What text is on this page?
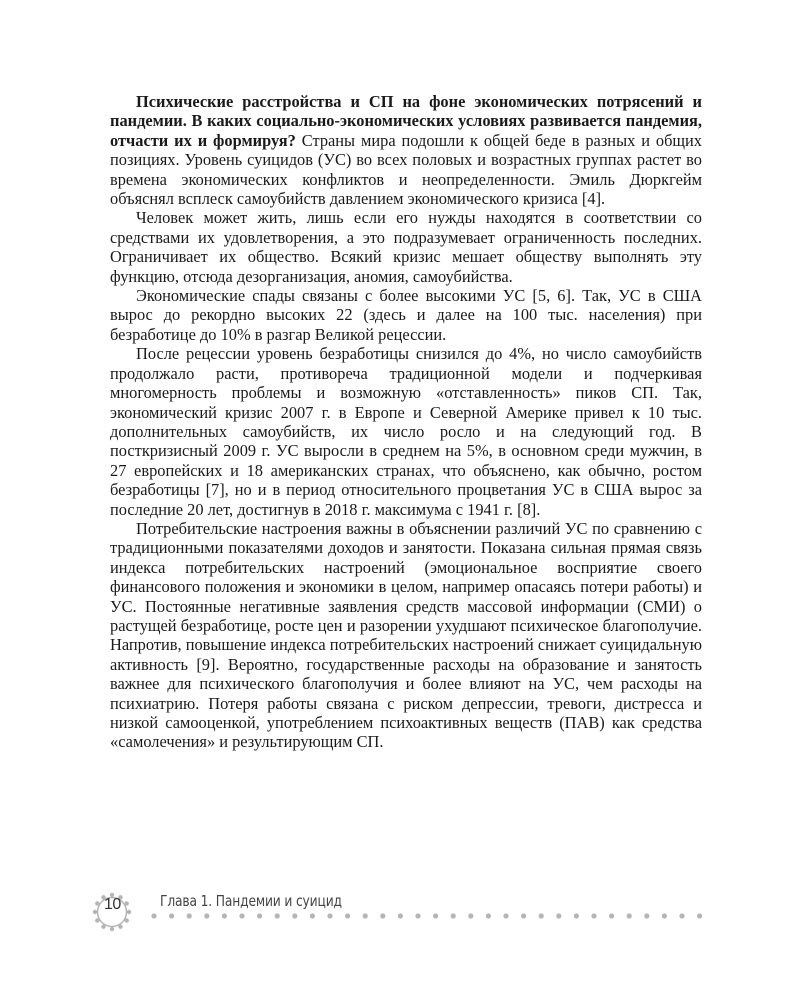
Психические расстройства и СП на фоне экономических потрясений и пандемии. В каких социально-экономических условиях развивается пандемия, отчасти их и формируя? Страны мира подошли к общей беде в разных и общих позициях. Уровень суицидов (УС) во всех половых и возрастных группах растет во времена экономических конфликтов и неопределенности. Эмиль Дюркгейм объяснял всплеск самоубийств давлением экономического кризиса [4].

Человек может жить, лишь если его нужды находятся в соответствии со средствами их удовлетворения, а это подразумевает ограниченность последних. Ограничивает их общество. Всякий кризис мешает обществу выполнять эту функцию, отсюда дезорганизация, аномия, самоубийства.

Экономические спады связаны с более высокими УС [5, 6]. Так, УС в США вырос до рекордно высоких 22 (здесь и далее на 100 тыс. населения) при безработице до 10% в разгар Великой рецессии.

После рецессии уровень безработицы снизился до 4%, но число самоубийств продолжало расти, противореча традиционной модели и подчеркивая многомерность проблемы и возможную «отставленность» пиков СП. Так, экономический кризис 2007 г. в Европе и Северной Америке привел к 10 тыс. дополнительных самоубийств, их число росло и на следующий год. В посткризисный 2009 г. УС выросли в среднем на 5%, в основном среди мужчин, в 27 европейских и 18 американских странах, что объяснено, как обычно, ростом безработицы [7], но и в период относительного процветания УС в США вырос за последние 20 лет, достигнув в 2018 г. максимума с 1941 г. [8].

Потребительские настроения важны в объяснении различий УС по сравнению с традиционными показателями доходов и занятости. Показана сильная прямая связь индекса потребительских настроений (эмоциональное восприятие своего финансового положения и экономики в целом, например опасаясь потери работы) и УС. Постоянные негативные заявления средств массовой информации (СМИ) о растущей безработице, росте цен и разорении ухудшают психическое благополучие. Напротив, повышение индекса потребительских настроений снижает суицидальную активность [9]. Вероятно, государственные расходы на образование и занятость важнее для психического благополучия и более влияют на УС, чем расходы на психиатрию. Потеря работы связана с риском депрессии, тревоги, дистресса и низкой самооценкой, употреблением психоактивных веществ (ПАВ) как средства «самолечения» и результирующим СП.

10	Глава 1. Пандемии и суицид
